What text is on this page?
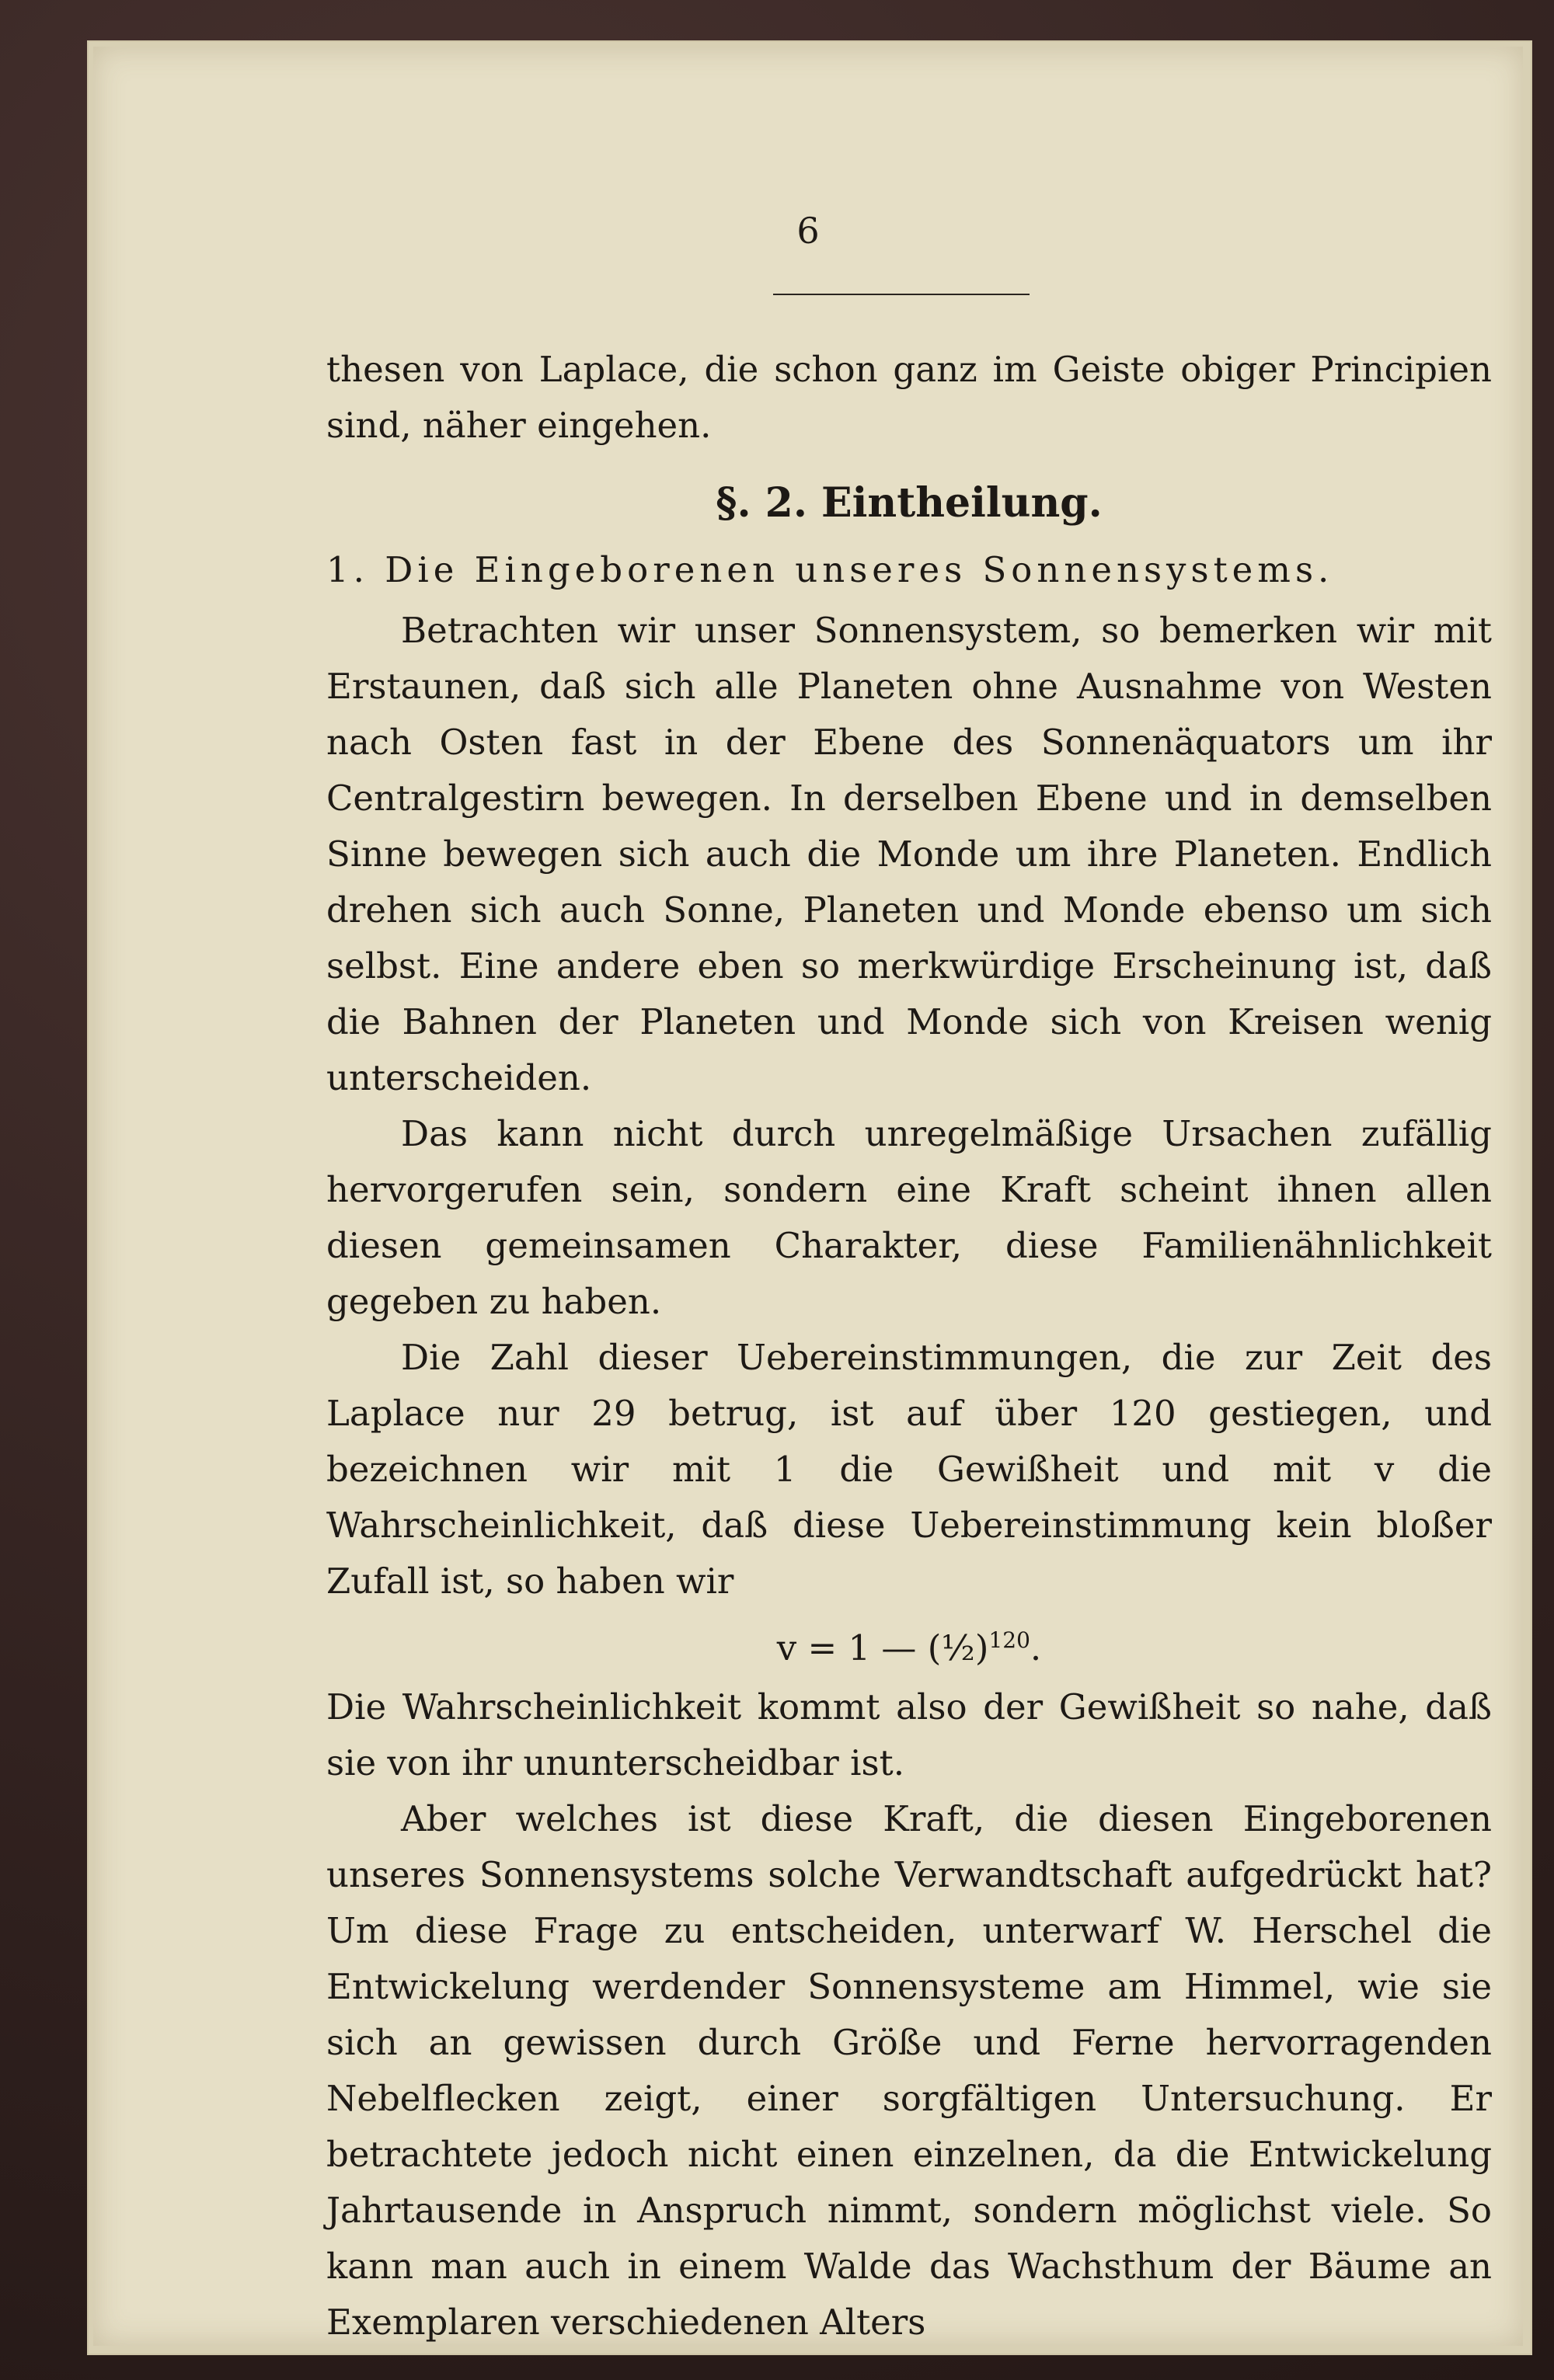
6

thesen von Laplace, die schon ganz im Geiste obiger Principien sind, näher eingehen.

§. 2. Eintheilung.

1. Die Eingeborenen unseres Sonnensystems.

Betrachten wir unser Sonnensystem, so bemerken wir mit Erstaunen, daß sich alle Planeten ohne Ausnahme von Westen nach Osten fast in der Ebene des Sonnenäquators um ihr Centralgestirn bewegen. In derselben Ebene und in demselben Sinne bewegen sich auch die Monde um ihre Planeten. Endlich drehen sich auch Sonne, Planeten und Monde ebenso um sich selbst. Eine andere eben so merkwürdige Erscheinung ist, daß die Bahnen der Planeten und Monde sich von Kreisen wenig unterscheiden.

Das kann nicht durch unregelmäßige Ursachen zufällig hervorgerufen sein, sondern eine Kraft scheint ihnen allen diesen gemeinsamen Charakter, diese Familienähnlichkeit gegeben zu haben.

Die Zahl dieser Uebereinstimmungen, die zur Zeit des Laplace nur 29 betrug, ist auf über 120 gestiegen, und bezeichnen wir mit 1 die Gewißheit und mit v die Wahrscheinlichkeit, daß diese Uebereinstimmung kein bloßer Zufall ist, so haben wir

v = 1 — (½)$^{120}$.

Die Wahrscheinlichkeit kommt also der Gewißheit so nahe, daß sie von ihr ununterscheidbar ist.

Aber welches ist diese Kraft, die diesen Eingeborenen unseres Sonnensystems solche Verwandtschaft aufgedrückt hat? Um diese Frage zu entscheiden, unterwarf W. Herschel die Entwickelung werdender Sonnensysteme am Himmel, wie sie sich an gewissen durch Größe und Ferne hervorragenden Nebelflecken zeigt, einer sorgfältigen Untersuchung. Er betrachtete jedoch nicht einen einzelnen, da die Entwickelung Jahrtausende in Anspruch nimmt, sondern möglichst viele. So kann man auch in einem Walde das Wachsthum der Bäume an Exemplaren verschiedenen Alters
